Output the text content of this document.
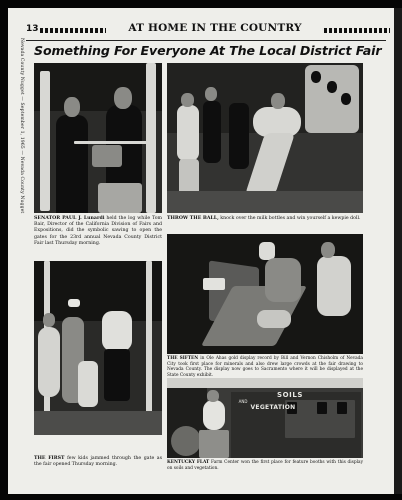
Nevada County Nugget — September 1, 1965 — Nevada County Nugget
13	AT HOME IN THE COUNTRY
Something For Everyone At The Local District Fair
SENATOR PAUL J. Lunardi held the log while Tom Bair, Director of the California Division of Fairs and Expositions, did the symbolic sawing to open the gates for the 23rd annual Nevada County District Fair last Thursday morning.
THROW THE BALL, knock over the milk bottles and win yourself a kewpie doll.
THE SIFTEN in Ole Ahas gold display record by Bill and Vernon Chisholm of Nevada City took first place for minerals and also drew large crowds at the fair drawing to Nevada County. The display now goes to Sacramento where it will be displayed at the State County exhibit.
SOILS
AND
VEGETATION
KENTUCKY FLAT Farm Center won the first place for feature booths with this display on soils and vegetation.
THE FIRST few kids jammed through the gate as the fair opened Thursday morning.
